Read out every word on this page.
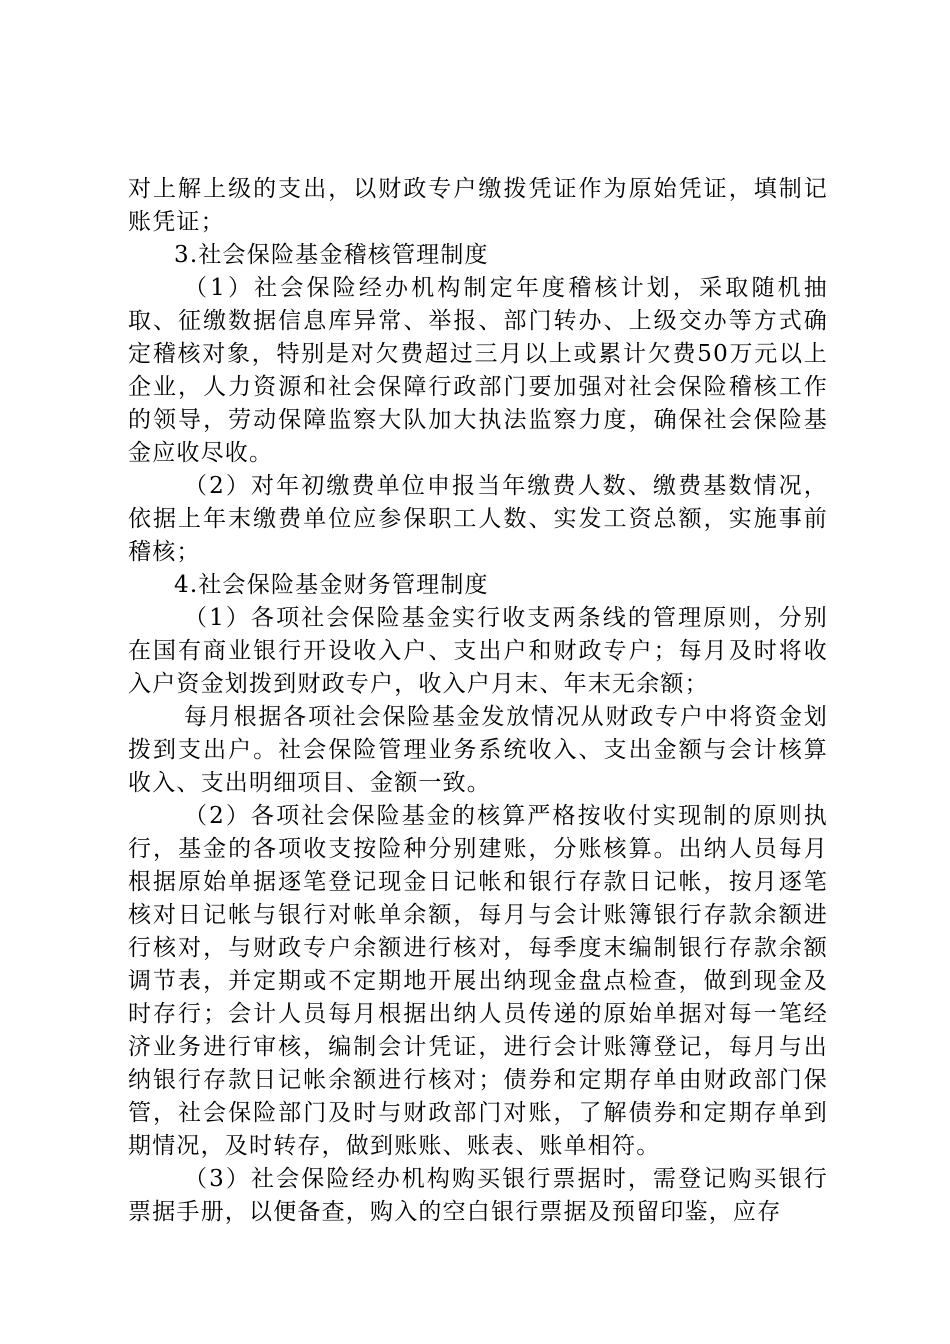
对上解上级的支出，以财政专户缴拨凭证作为原始凭证，填制记账凭证；

3.社会保险基金稽核管理制度

（1）社会保险经办机构制定年度稽核计划，采取随机抽取、征缴数据信息库异常、举报、部门转办、上级交办等方式确定稽核对象，特别是对欠费超过三月以上或累计欠费50万元以上企业，人力资源和社会保障行政部门要加强对社会保险稽核工作的领导，劳动保障监察大队加大执法监察力度，确保社会保险基金应收尽收。

（2）对年初缴费单位申报当年缴费人数、缴费基数情况，依据上年末缴费单位应参保职工人数、实发工资总额，实施事前稽核；

4.社会保险基金财务管理制度

（1）各项社会保险基金实行收支两条线的管理原则，分别在国有商业银行开设收入户、支出户和财政专户；每月及时将收入户资金划拨到财政专户，收入户月末、年末无余额；

每月根据各项社会保险基金发放情况从财政专户中将资金划拨到支出户。社会保险管理业务系统收入、支出金额与会计核算收入、支出明细项目、金额一致。

（2）各项社会保险基金的核算严格按收付实现制的原则执行，基金的各项收支按险种分别建账，分账核算。出纳人员每月根据原始单据逐笔登记现金日记帐和银行存款日记帐，按月逐笔核对日记帐与银行对帐单余额，每月与会计账簿银行存款余额进行核对，与财政专户余额进行核对，每季度末编制银行存款余额调节表，并定期或不定期地开展出纳现金盘点检查，做到现金及时存行；会计人员每月根据出纳人员传递的原始单据对每一笔经济业务进行审核，编制会计凭证，进行会计账簿登记，每月与出纳银行存款日记帐余额进行核对；债券和定期存单由财政部门保管，社会保险部门及时与财政部门对账，了解债券和定期存单到期情况，及时转存，做到账账、账表、账单相符。

（3）社会保险经办机构购买银行票据时，需登记购买银行票据手册，以便备查，购入的空白银行票据及预留印鉴，应存
